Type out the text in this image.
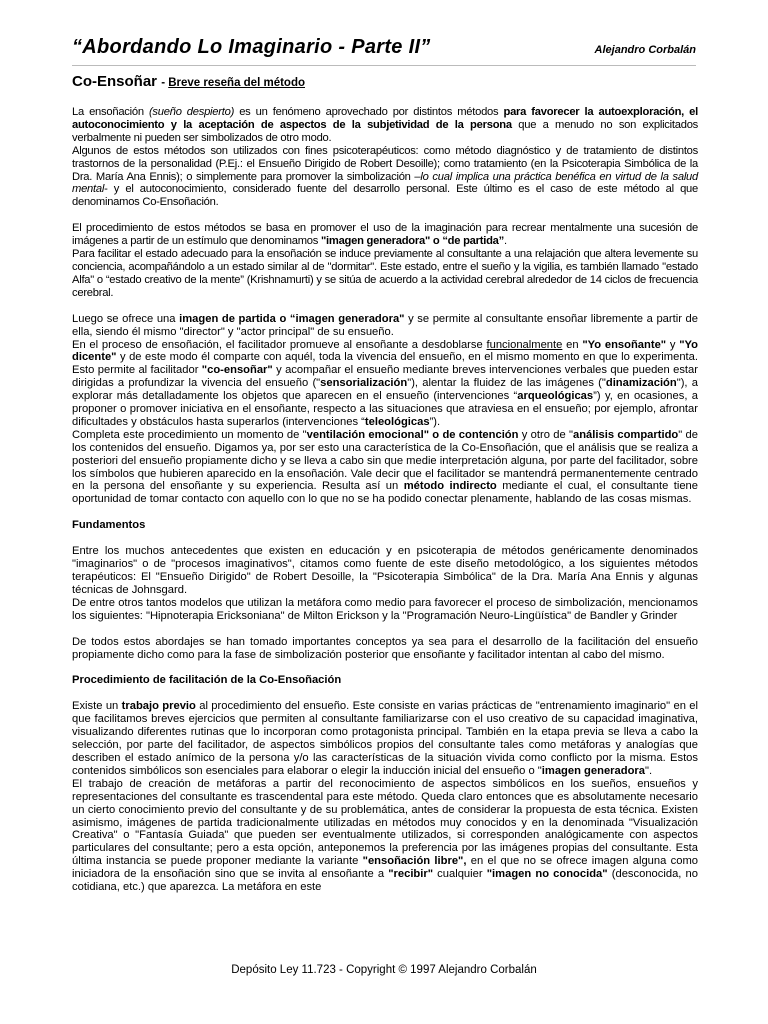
“Abordando Lo Imaginario - Parte II”	Alejandro Corbalán
Co-Ensoñar - Breve reseña del método

La ensoñación (sueño despierto) es un fenómeno aprovechado por distintos métodos para favorecer la autoexploración, el autoconocimiento y la aceptación de aspectos de la subjetividad de la persona que a menudo no son explicitados verbalmente ni pueden ser simbolizados de otro modo.

Algunos de estos métodos son utilizados con fines psicoterapéuticos: como método diagnóstico y de tratamiento de distintos trastornos de la personalidad (P.Ej.: el Ensueño Dirigido de Robert Desoille); como tratamiento (en la Psicoterapia Simbólica de la Dra. María Ana Ennis); o simplemente para promover la simbolización –lo cual implica una práctica benéfica en virtud de la salud mental- y el autoconocimiento, considerado fuente del desarrollo personal. Este último es el caso de este método al que denominamos Co-Ensoñación.

El procedimiento de estos métodos se basa en promover el uso de la imaginación para recrear mentalmente una sucesión de imágenes a partir de un estímulo que denominamos "imagen generadora" o “de partida”.

Para facilitar el estado adecuado para la ensoñación se induce previamente al consultante a una relajación que altera levemente su conciencia, acompañándolo a un estado similar al de "dormitar". Este estado, entre el sueño y la vigilia, es también llamado "estado Alfa" o “estado creativo de la mente” (Krishnamurti) y se sitúa de acuerdo a la actividad cerebral alrededor de 14 ciclos de frecuencia cerebral.

Luego se ofrece una imagen de partida o “imagen generadora" y se permite al consultante ensoñar libremente a partir de ella, siendo él mismo "director" y "actor principal" de su ensueño.

En el proceso de ensoñación, el facilitador promueve al ensoñante a desdoblarse funcionalmente en "Yo ensoñante" y "Yo dicente" y de este modo él comparte con aquél, toda la vivencia del ensueño, en el mismo momento en que lo experimenta. Esto permite al facilitador "co-ensoñar" y acompañar el ensueño mediante breves intervenciones verbales que pueden estar dirigidas a profundizar la vivencia del ensueño ("sensorialización"), alentar la fluidez de las imágenes ("dinamización"), a explorar más detalladamente los objetos que aparecen en el ensueño (intervenciones “arqueológicas”) y, en ocasiones, a proponer o promover iniciativa en el ensoñante, respecto a las situaciones que atraviesa en el ensueño; por ejemplo, afrontar dificultades y obstáculos hasta superarlos (intervenciones “teleológicas”).

Completa este procedimiento un momento de "ventilación emocional" o de contención y otro de "análisis compartido" de los contenidos del ensueño. Digamos ya, por ser esto una característica de la Co-Ensoñación, que el análisis que se realiza a posteriori del ensueño propiamente dicho y se lleva a cabo sin que medie interpretación alguna, por parte del facilitador, sobre los símbolos que hubieren aparecido en la ensoñación. Vale decir que el facilitador se mantendrá permanentemente centrado en la persona del ensoñante y su experiencia. Resulta así un método indirecto mediante el cual, el consultante tiene oportunidad de tomar contacto con aquello con lo que no se ha podido conectar plenamente, hablando de las cosas mismas.

Fundamentos

Entre los muchos antecedentes que existen en educación y en psicoterapia de métodos genéricamente denominados "imaginarios" o de "procesos imaginativos", citamos como fuente de este diseño metodológico, a los siguientes métodos terapéuticos: El "Ensueño Dirigido" de Robert Desoille, la "Psicoterapia Simbólica" de la Dra. María Ana Ennis y algunas técnicas de Johnsgard.

De entre otros tantos modelos que utilizan la metáfora como medio para favorecer el proceso de simbolización, mencionamos los siguientes: "Hipnoterapia Ericksoniana" de Milton Erickson y la "Programación Neuro-Lingüística" de Bandler y Grinder

De todos estos abordajes se han tomado importantes conceptos ya sea para el desarrollo de la facilitación del ensueño propiamente dicho como para la fase de simbolización posterior que ensoñante y facilitador intentan al cabo del mismo.

Procedimiento de facilitación de la Co-Ensoñación

Existe un trabajo previo al procedimiento del ensueño. Este consiste en varias prácticas de "entrenamiento imaginario" en el que facilitamos breves ejercicios que permiten al consultante familiarizarse con el uso creativo de su capacidad imaginativa, visualizando diferentes rutinas que lo incorporan como protagonista principal. También en la etapa previa se lleva a cabo la selección, por parte del facilitador, de aspectos simbólicos propios del consultante tales como metáforas y analogías que describen el estado anímico de la persona y/o las características de la situación vivida como conflicto por la misma. Estos contenidos simbólicos son esenciales para elaborar o elegir la inducción inicial del ensueño o "imagen generadora".

El trabajo de creación de metáforas a partir del reconocimiento de aspectos simbólicos en los sueños, ensueños y representaciones del consultante es trascendental para este método. Queda claro entonces que es absolutamente necesario un cierto conocimiento previo del consultante y de su problemática, antes de considerar la propuesta de esta técnica. Existen asimismo, imágenes de partida tradicionalmente utilizadas en métodos muy conocidos y en la denominada "Visualización Creativa" o "Fantasía Guiada" que pueden ser eventualmente utilizados, si corresponden analógicamente con aspectos particulares del consultante; pero a esta opción, anteponemos la preferencia por las imágenes propias del consultante. Esta última instancia se puede proponer mediante la variante "ensoñación libre", en el que no se ofrece imagen alguna como iniciadora de la ensoñación sino que se invita al ensoñante a "recibir" cualquier "imagen no conocida" (desconocida, no cotidiana, etc.) que aparezca. La metáfora en este

Depósito Ley 11.723 - Copyright © 1997 Alejandro Corbalán
